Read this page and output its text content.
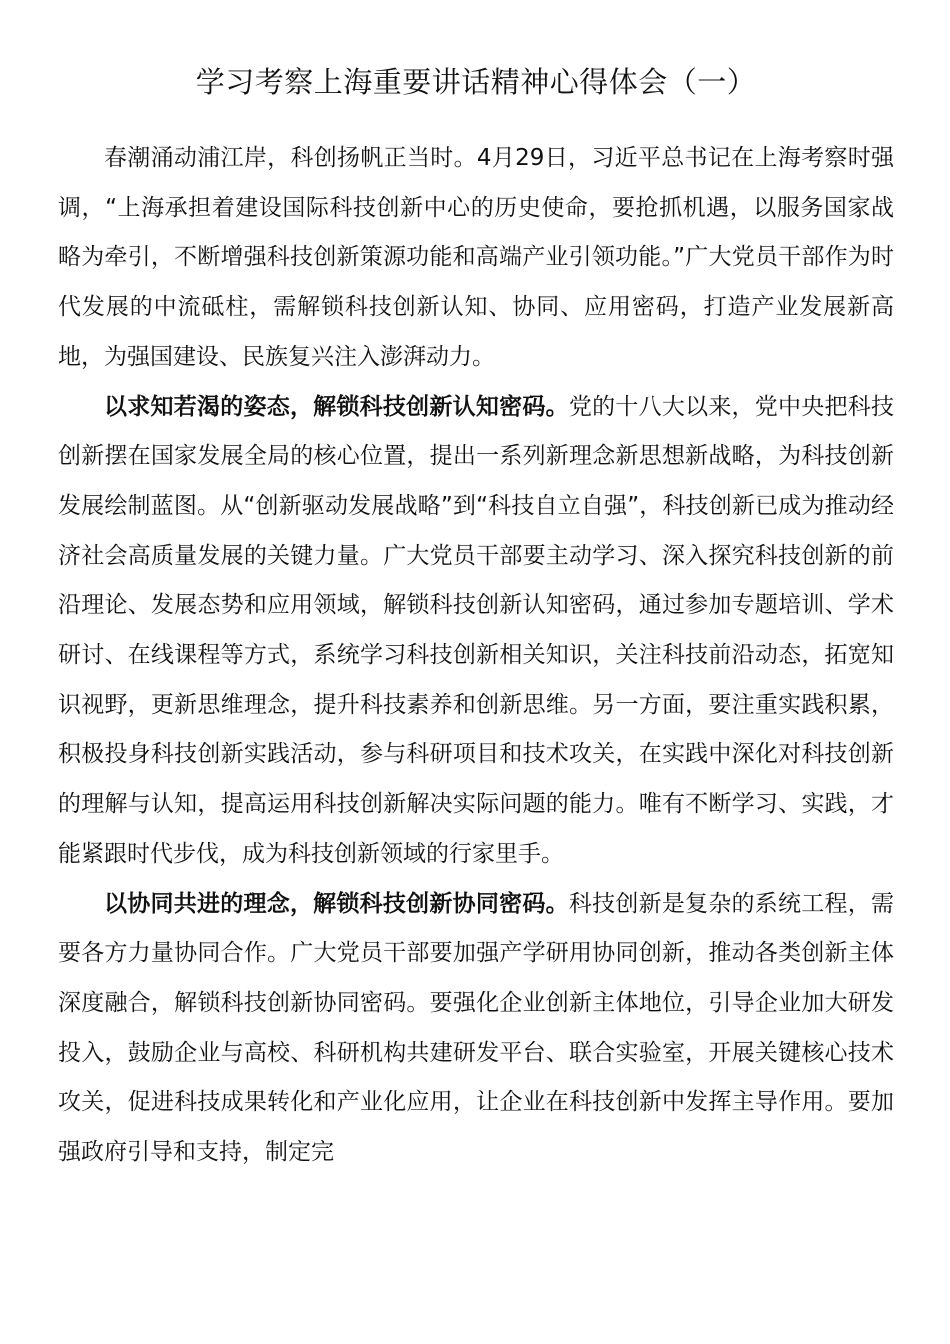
学习考察上海重要讲话精神心得体会（一）

春潮涌动浦江岸，科创扬帆正当时。4月29日，习近平总书记在上海考察时强调，“上海承担着建设国际科技创新中心的历史使命，要抢抓机遇，以服务国家战略为牵引，不断增强科技创新策源功能和高端产业引领功能。”广大党员干部作为时代发展的中流砥柱，需解锁科技创新认知、协同、应用密码，打造产业发展新高地，为强国建设、民族复兴注入澎湃动力。

以求知若渴的姿态，解锁科技创新认知密码。党的十八大以来，党中央把科技创新摆在国家发展全局的核心位置，提出一系列新理念新思想新战略，为科技创新发展绘制蓝图。从“创新驱动发展战略”到“科技自立自强”，科技创新已成为推动经济社会高质量发展的关键力量。广大党员干部要主动学习、深入探究科技创新的前沿理论、发展态势和应用领域，解锁科技创新认知密码，通过参加专题培训、学术研讨、在线课程等方式，系统学习科技创新相关知识，关注科技前沿动态，拓宽知识视野，更新思维理念，提升科技素养和创新思维。另一方面，要注重实践积累，积极投身科技创新实践活动，参与科研项目和技术攻关，在实践中深化对科技创新的理解与认知，提高运用科技创新解决实际问题的能力。唯有不断学习、实践，才能紧跟时代步伐，成为科技创新领域的行家里手。

以协同共进的理念，解锁科技创新协同密码。科技创新是复杂的系统工程，需要各方力量协同合作。广大党员干部要加强产学研用协同创新，推动各类创新主体深度融合，解锁科技创新协同密码。要强化企业创新主体地位，引导企业加大研发投入，鼓励企业与高校、科研机构共建研发平台、联合实验室，开展关键核心技术攻关，促进科技成果转化和产业化应用，让企业在科技创新中发挥主导作用。要加强政府引导和支持，制定完
